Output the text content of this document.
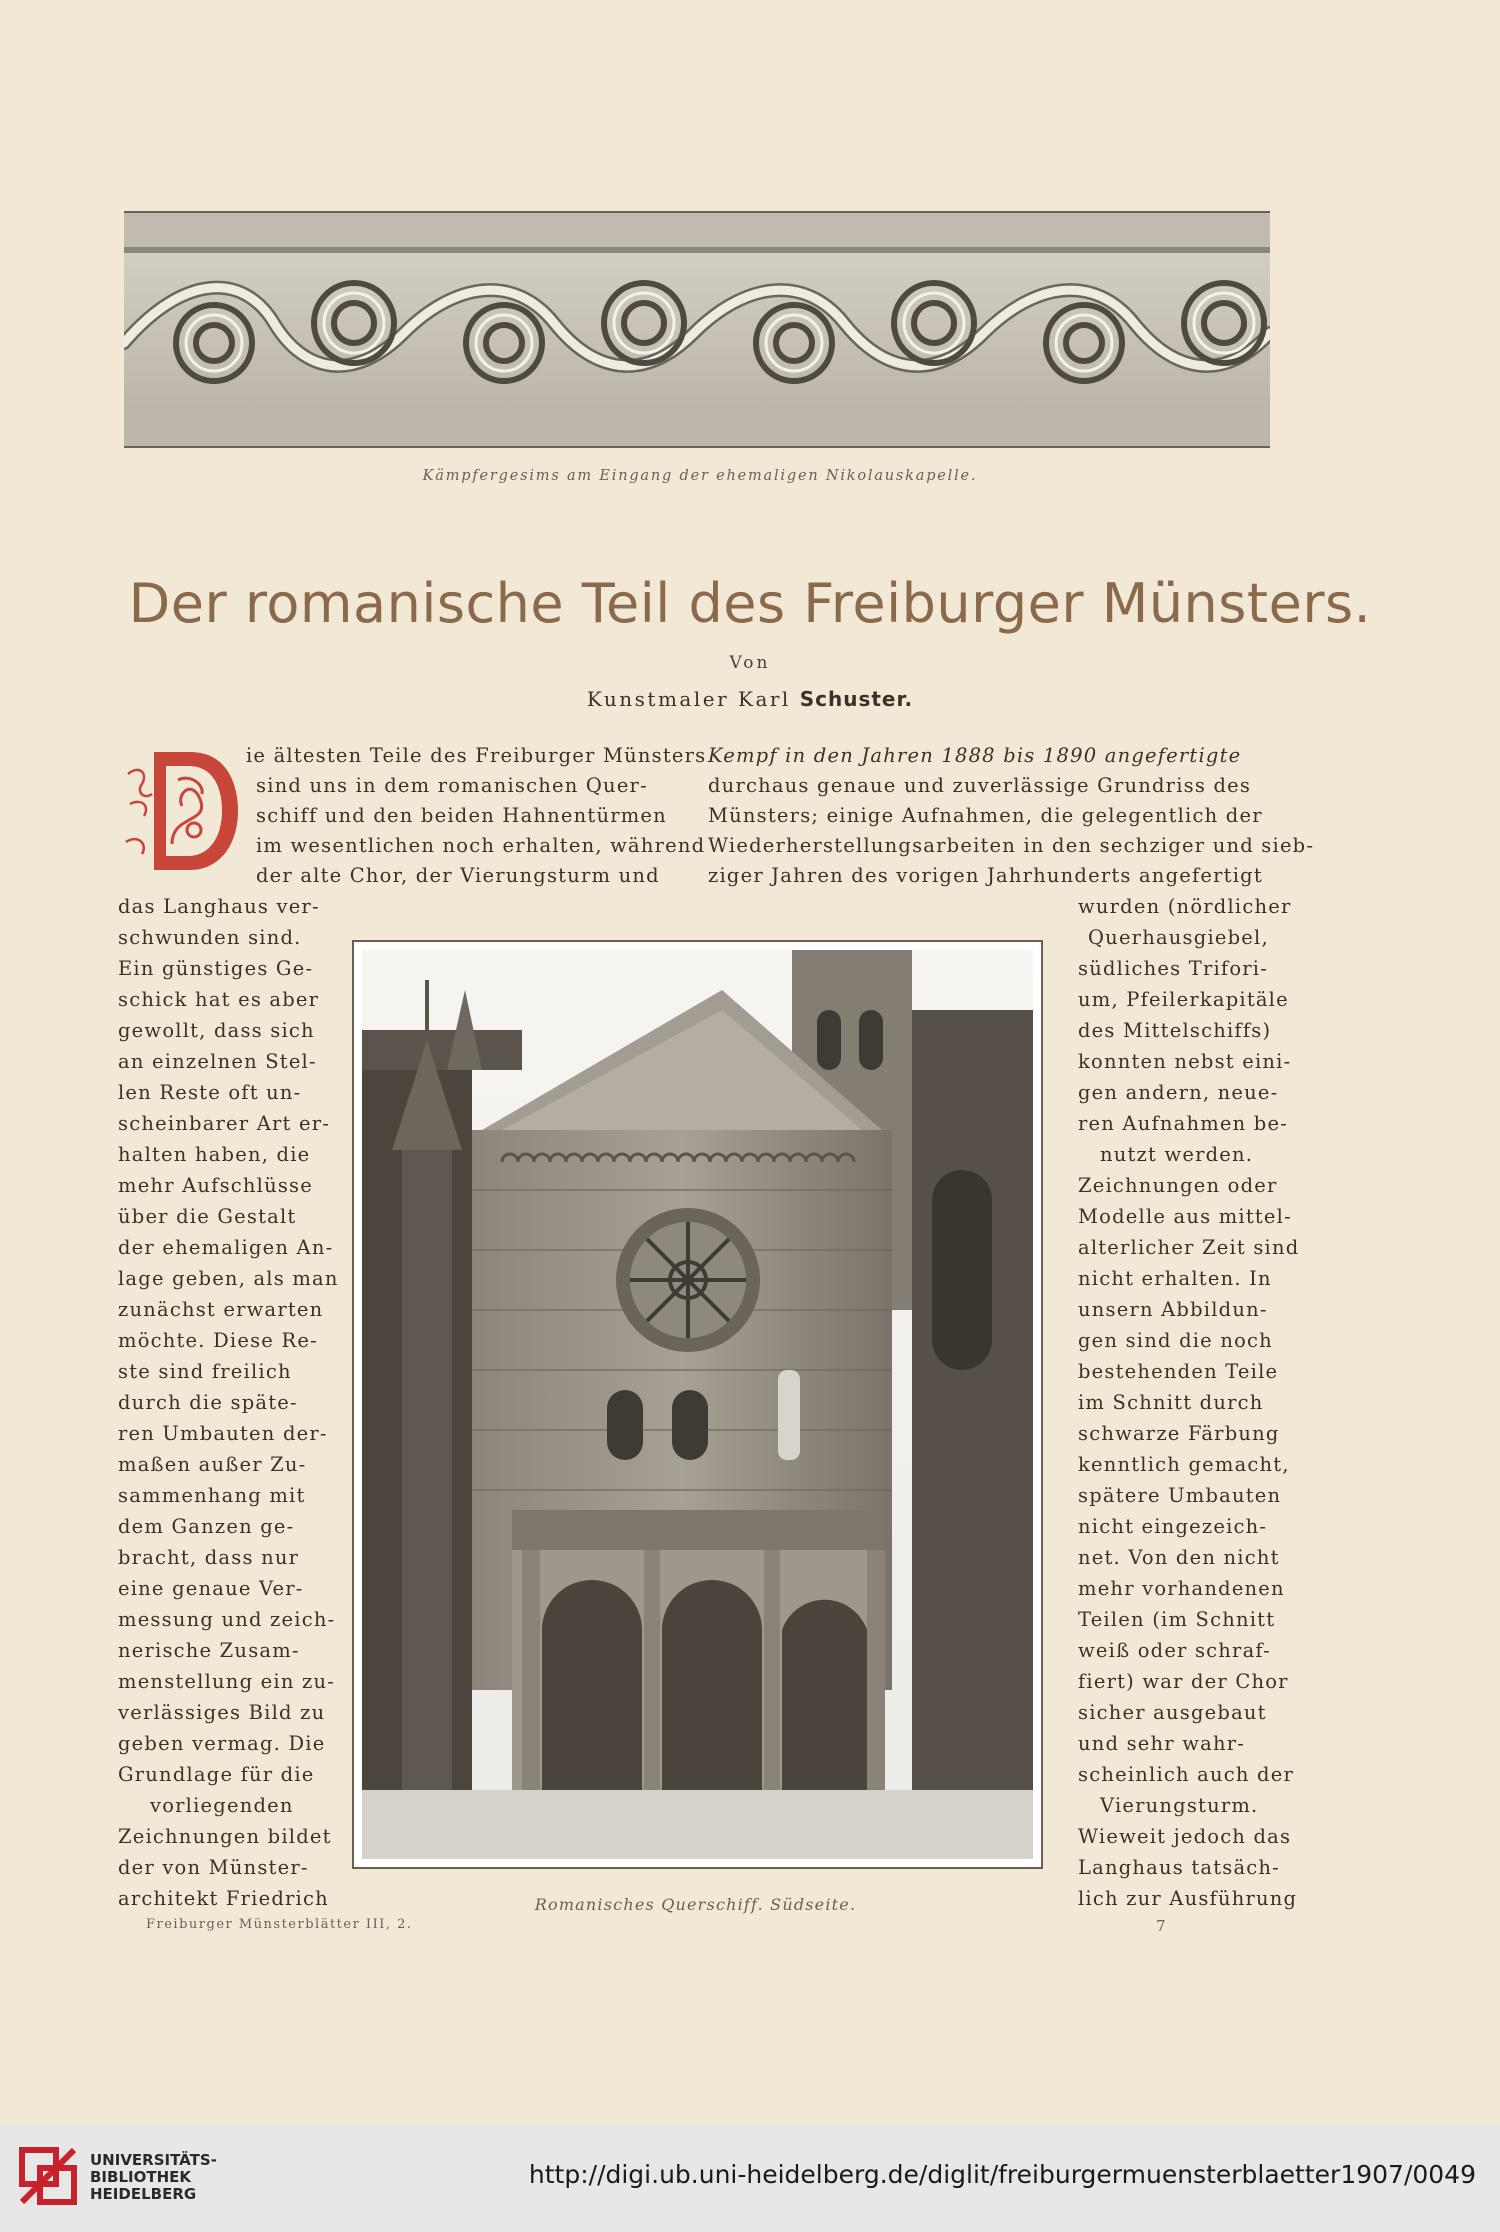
Kämpfergesims am Eingang der ehemaligen Nikolauskapelle.
Der romanische Teil des Freiburger Münsters.
Von
Kunstmaler Karl Schuster.
D
ie ältesten Teile des Freiburger Münsters
sind uns in dem romanischen Quer-
schiff und den beiden Hahnentürmen
im wesentlichen noch erhalten, während
der alte Chor, der Vierungsturm und
das Langhaus ver-
schwunden sind.
Ein günstiges Ge-
schick hat es aber
gewollt, dass sich
an einzelnen Stel-
len Reste oft un-
scheinbarer Art er-
halten haben, die
mehr Aufschlüsse
über die Gestalt
der ehemaligen An-
lage geben, als man
zunächst erwarten
möchte. Diese Re-
ste sind freilich
durch die späte-
ren Umbauten der-
maßen außer Zu-
sammenhang mit
dem Ganzen ge-
bracht, dass nur
eine genaue Ver-
messung und zeich-
nerische Zusam-
menstellung ein zu-
verlässiges Bild zu
geben vermag. Die
Grundlage für die
vorliegenden
Zeichnungen bildet
der von Münster-
architekt Friedrich
Kempf in den Jahren 1888 bis 1890 angefertigte
durchaus genaue und zuverlässige Grundriss des
Münsters; einige Aufnahmen, die gelegentlich der
Wiederherstellungsarbeiten in den sechziger und sieb-
ziger Jahren des vorigen Jahrhunderts angefertigt
wurden (nördlicher
Querhausgiebel,
südliches Trifori-
um, Pfeilerkapitäle
des Mittelschiffs)
konnten nebst eini-
gen andern, neue-
ren Aufnahmen be-
nutzt werden.
Zeichnungen oder
Modelle aus mittel-
alterlicher Zeit sind
nicht erhalten. In
unsern Abbildun-
gen sind die noch
bestehenden Teile
im Schnitt durch
schwarze Färbung
kenntlich gemacht,
spätere Umbauten
nicht eingezeich-
net. Von den nicht
mehr vorhandenen
Teilen (im Schnitt
weiß oder schraf-
fiert) war der Chor
sicher ausgebaut
und sehr wahr-
scheinlich auch der
Vierungsturm.
Wieweit jedoch das
Langhaus tatsäch-
lich zur Ausführung
Romanisches Querschiff. Südseite.
Freiburger Münsterblätter III, 2.	7
UNIVERSITÄTS-
BIBLIOTHEK
HEIDELBERG
http://digi.ub.uni-heidelberg.de/diglit/freiburgermuensterblaetter1907/0049
